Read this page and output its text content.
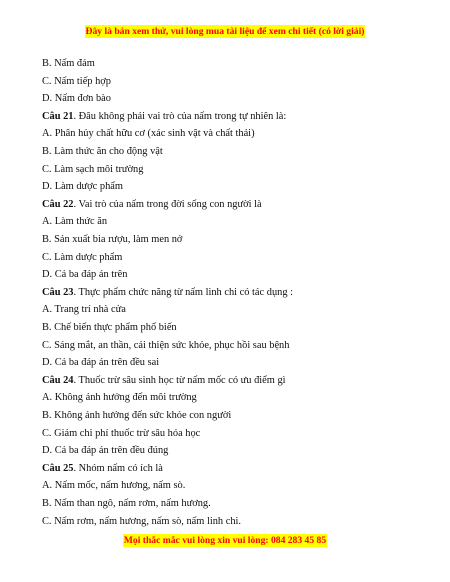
Đây là bản xem thử, vui lòng mua tài liệu để xem chi tiết (có lời giải)
B. Nấm đảm
C. Nấm tiếp hợp
D. Nấm đơn bào
Câu 21. Đâu không phải vai trò của nấm trong tự nhiên là:
A. Phân hủy chất hữu cơ (xác sinh vật và chất thải)
B. Làm thức ăn cho động vật
C. Làm sạch môi trường
D. Làm dược phẩm
Câu 22. Vai trò của nấm trong đời sống con người là
A. Làm thức ăn
B. Sản xuất bia rượu, làm men nở
C. Làm dược phẩm
D. Cả ba đáp án trên
Câu 23. Thực phẩm chức năng từ nấm linh chi có tác dụng :
A. Trang trí nhà cửa
B. Chế biến thực phẩm phổ biến
C. Sáng mắt, an thần, cải thiện sức khỏe, phục hồi sau bệnh
D. Cả ba đáp án trên đều sai
Câu 24. Thuốc trừ sâu sinh học từ nấm mốc có ưu điểm gì
A. Không ảnh hưởng đến môi trường
B. Không ảnh hưởng đến sức khỏe con người
C. Giảm chi phí thuốc trừ sâu hóa học
D. Cả ba đáp án trên đều đúng
Câu 25. Nhóm nấm có ích là
A. Nấm mốc, nấm hương, nấm sò.
B. Nấm than ngô, nấm rơm, nấm hương.
C. Nấm rơm, nấm hương, nấm sò, nấm linh chi.
Mọi thắc mắc vui lòng xin vui lòng: 084 283 45 85
